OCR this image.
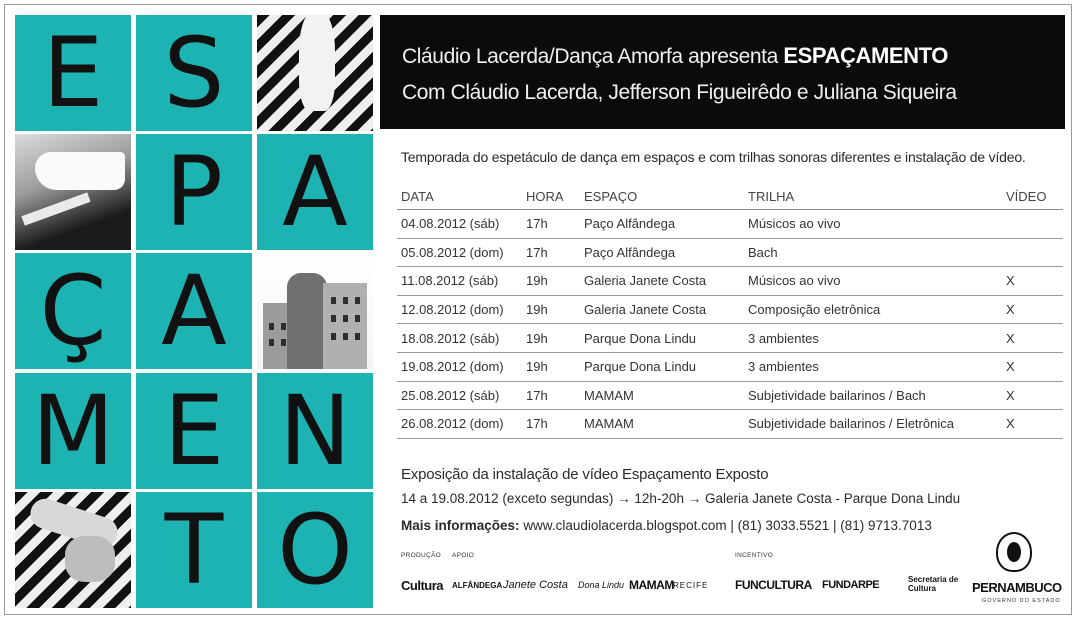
E S
P A
Ç A
M E N
T O
Cláudio Lacerda/Dança Amorfa apresenta ESPAÇAMENTO
Com Cláudio Lacerda, Jefferson Figueirêdo e Juliana Siqueira
Temporada do espetáculo de dança em espaços e com trilhas sonoras diferentes e instalação de vídeo.
DATA	HORA	ESPAÇO	TRILHA	VÍDEO
04.08.2012 (sáb)	17h	Paço Alfândega	Músicos ao vivo	
05.08.2012 (dom)	17h	Paço Alfândega	Bach	
11.08.2012 (sáb)	19h	Galeria Janete Costa	Músicos ao vivo	X
12.08.2012 (dom)	19h	Galeria Janete Costa	Composição eletrônica	X
18.08.2012 (sáb)	19h	Parque Dona Lindu	3 ambientes	X
19.08.2012 (dom)	19h	Parque Dona Lindu	3 ambientes	X
25.08.2012 (sáb)	17h	MAMAM	Subjetividade bailarinos / Bach	X
26.08.2012 (dom)	17h	MAMAM	Subjetividade bailarinos / Eletrônica	X
Exposição da instalação de vídeo Espaçamento Exposto
14 a 19.08.2012 (exceto segundas) → 12h-20h → Galeria Janete Costa - Parque Dona Lindu
Mais informações: www.claudiolacerda.blogspot.com | (81) 3033.5521 | (81) 9713.7013
PRODUÇÃO APOIO	INCENTIVO
Cultura ALFÂNDEGA Janete Costa Dona Lindu MAMAM RECIFE FUNCULTURA FUNDARPE	Secretaria de Cultura	PERNAMBUCO
GOVERNO DO ESTADO
